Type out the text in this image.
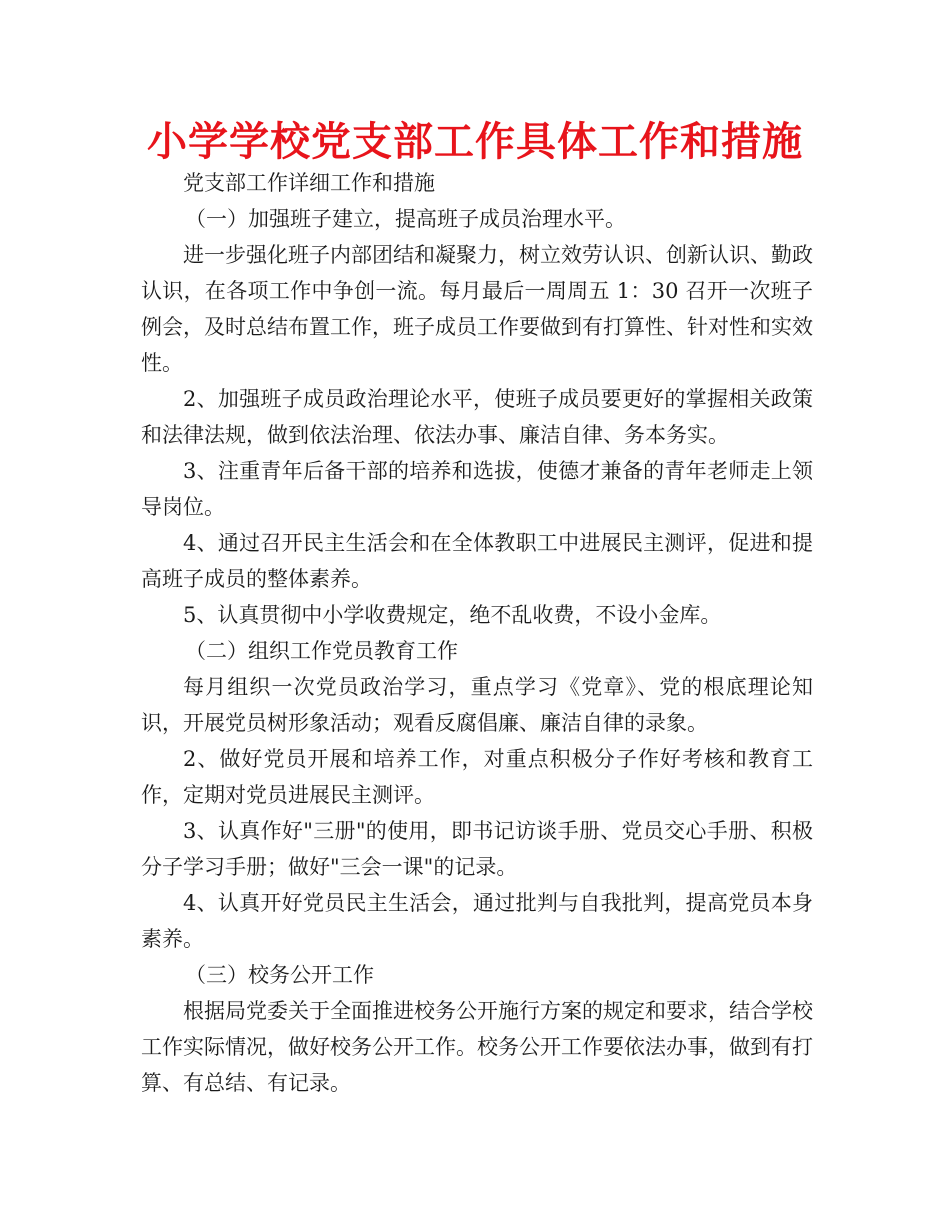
小学学校党支部工作具体工作和措施

党支部工作详细工作和措施

（一）加强班子建立，提高班子成员治理水平。

进一步强化班子内部团结和凝聚力，树立效劳认识、创新认识、勤政认识，在各项工作中争创一流。每月最后一周周五 1：30 召开一次班子例会，及时总结布置工作，班子成员工作要做到有打算性、针对性和实效性。

2、加强班子成员政治理论水平，使班子成员要更好的掌握相关政策和法律法规，做到依法治理、依法办事、廉洁自律、务本务实。

3、注重青年后备干部的培养和选拔，使德才兼备的青年老师走上领导岗位。

4、通过召开民主生活会和在全体教职工中进展民主测评，促进和提高班子成员的整体素养。

5、认真贯彻中小学收费规定，绝不乱收费，不设小金库。

（二）组织工作党员教育工作

每月组织一次党员政治学习，重点学习《党章》、党的根底理论知识，开展党员树形象活动；观看反腐倡廉、廉洁自律的录象。

2、做好党员开展和培养工作，对重点积极分子作好考核和教育工作，定期对党员进展民主测评。

3、认真作好"三册"的使用，即书记访谈手册、党员交心手册、积极分子学习手册；做好"三会一课"的记录。

4、认真开好党员民主生活会，通过批判与自我批判，提高党员本身素养。

（三）校务公开工作

根据局党委关于全面推进校务公开施行方案的规定和要求，结合学校工作实际情况，做好校务公开工作。校务公开工作要依法办事，做到有打算、有总结、有记录。
